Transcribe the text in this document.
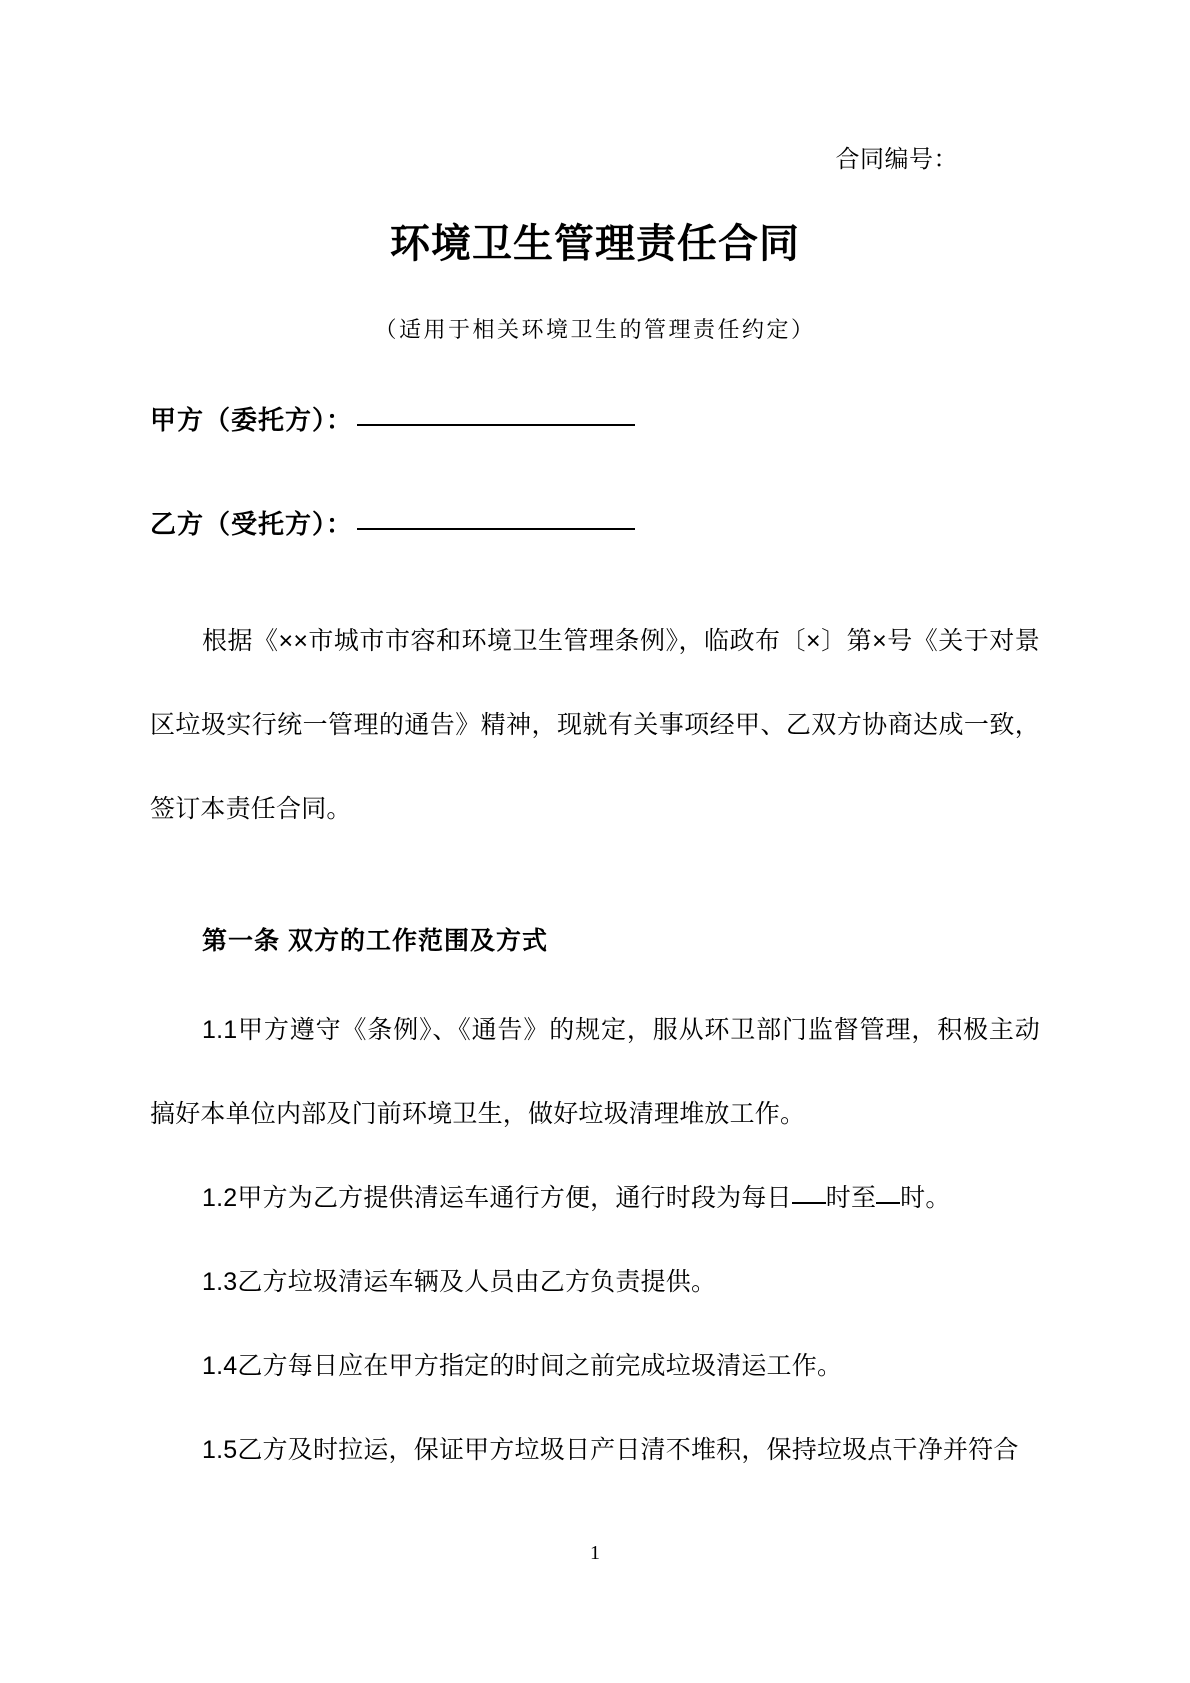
合同编号：
环境卫生管理责任合同
（适用于相关环境卫生的管理责任约定）
甲方（委托方）：
乙方（受托方）：
根据《××市城市市容和环境卫生管理条例》，临政布〔×〕第×号《关于对景区垃圾实行统一管理的通告》精神，现就有关事项经甲、乙双方协商达成一致，签订本责任合同。
第一条 双方的工作范围及方式
1.1甲方遵守《条例》、《通告》的规定，服从环卫部门监督管理，积极主动搞好本单位内部及门前环境卫生，做好垃圾清理堆放工作。
1.2甲方为乙方提供清运车通行方便，通行时段为每日 时至 时。
1.3乙方垃圾清运车辆及人员由乙方负责提供。
1.4乙方每日应在甲方指定的时间之前完成垃圾清运工作。
1.5乙方及时拉运，保证甲方垃圾日产日清不堆积，保持垃圾点干净并符合
1
